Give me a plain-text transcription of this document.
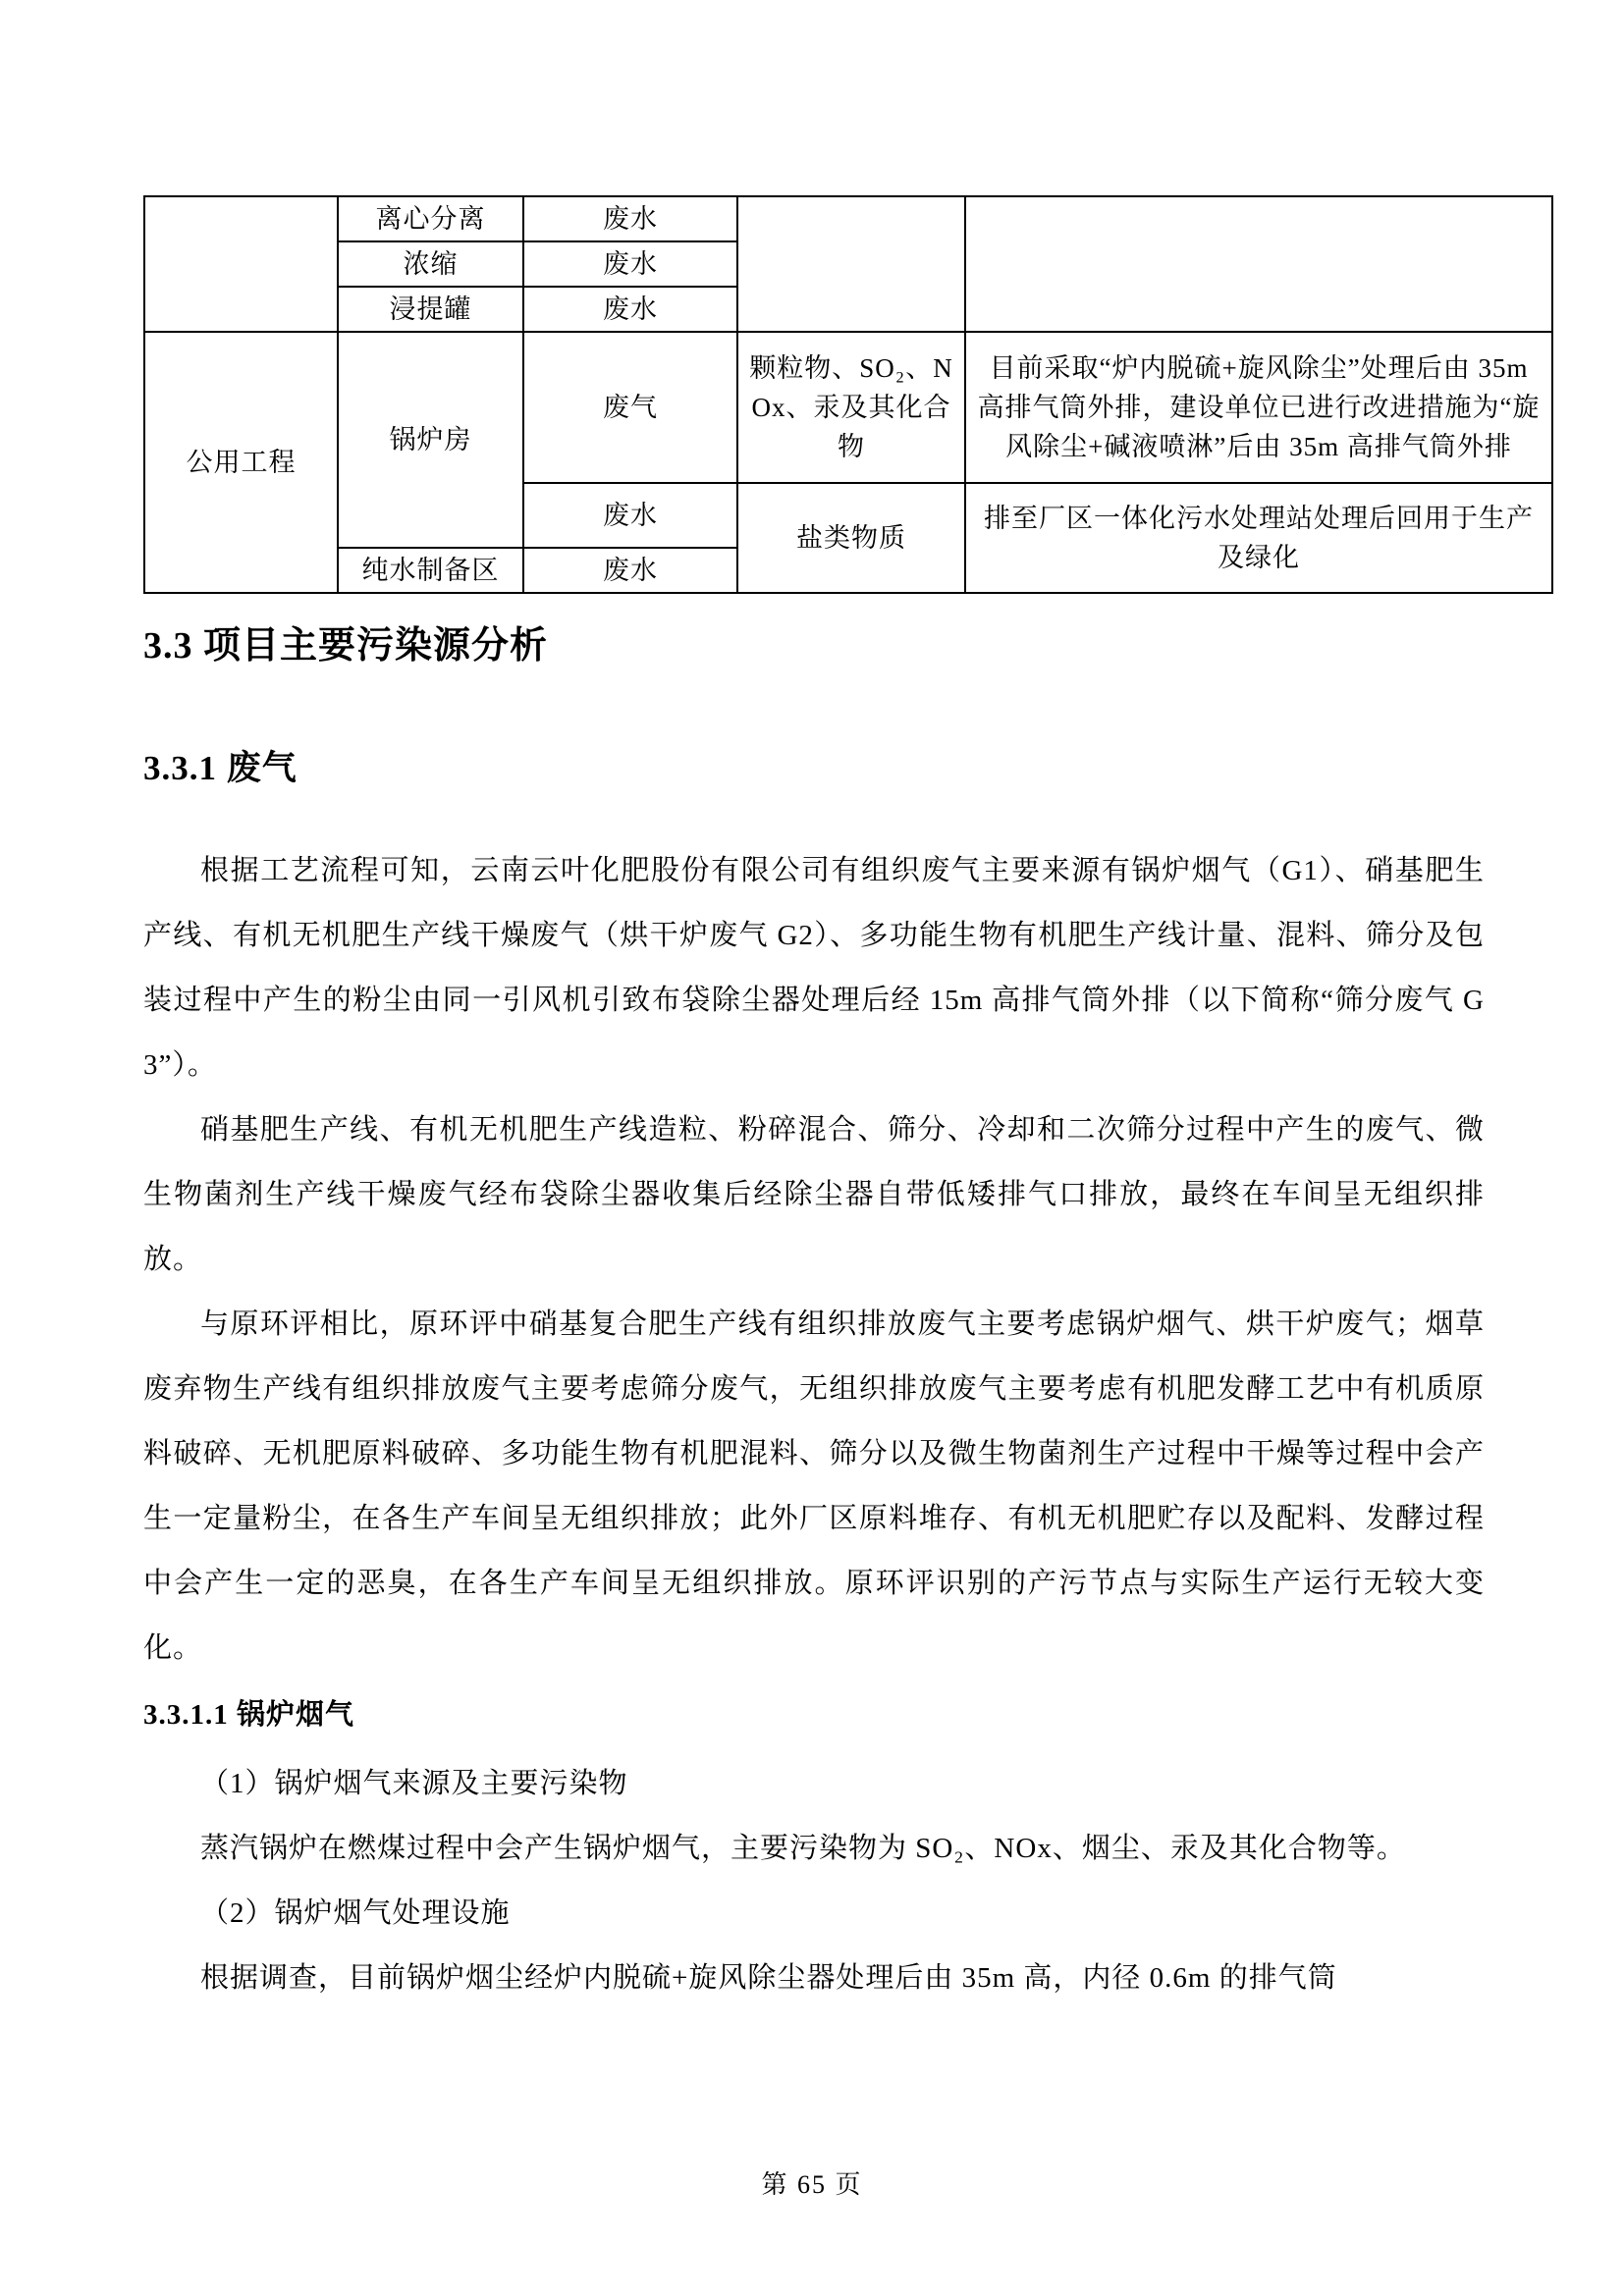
	离心分离	废水		
	浓缩	废水		
	浸提罐	废水		
公用工程	锅炉房	废气	颗粒物、SO₂、NOx、汞及其化合物	目前采取“炉内脱硫+旋风除尘”处理后由 35m 高排气筒外排，建设单位已进行改进措施为“旋风除尘+碱液喷淋”后由 35m 高排气筒外排
		废水	盐类物质	排至厂区一体化污水处理站处理后回用于生产及绿化
	纯水制备区	废水		
3.3 项目主要污染源分析
3.3.1 废气

根据工艺流程可知，云南云叶化肥股份有限公司有组织废气主要来源有锅炉烟气（G1）、硝基肥生产线、有机无机肥生产线干燥废气（烘干炉废气 G2）、多功能生物有机肥生产线计量、混料、筛分及包装过程中产生的粉尘由同一引风机引致布袋除尘器处理后经 15m 高排气筒外排（以下简称“筛分废气 G3”）。

硝基肥生产线、有机无机肥生产线造粒、粉碎混合、筛分、冷却和二次筛分过程中产生的废气、微生物菌剂生产线干燥废气经布袋除尘器收集后经除尘器自带低矮排气口排放，最终在车间呈无组织排放。

与原环评相比，原环评中硝基复合肥生产线有组织排放废气主要考虑锅炉烟气、烘干炉废气；烟草废弃物生产线有组织排放废气主要考虑筛分废气，无组织排放废气主要考虑有机肥发酵工艺中有机质原料破碎、无机肥原料破碎、多功能生物有机肥混料、筛分以及微生物菌剂生产过程中干燥等过程中会产生一定量粉尘，在各生产车间呈无组织排放；此外厂区原料堆存、有机无机肥贮存以及配料、发酵过程中会产生一定的恶臭，在各生产车间呈无组织排放。原环评识别的产污节点与实际生产运行无较大变化。

3.3.1.1 锅炉烟气

（1）锅炉烟气来源及主要污染物

蒸汽锅炉在燃煤过程中会产生锅炉烟气，主要污染物为 SO₂、NOx、烟尘、汞及其化合物等。

（2）锅炉烟气处理设施

根据调查，目前锅炉烟尘经炉内脱硫+旋风除尘器处理后由 35m 高，内径 0.6m 的排气筒

第 65 页
